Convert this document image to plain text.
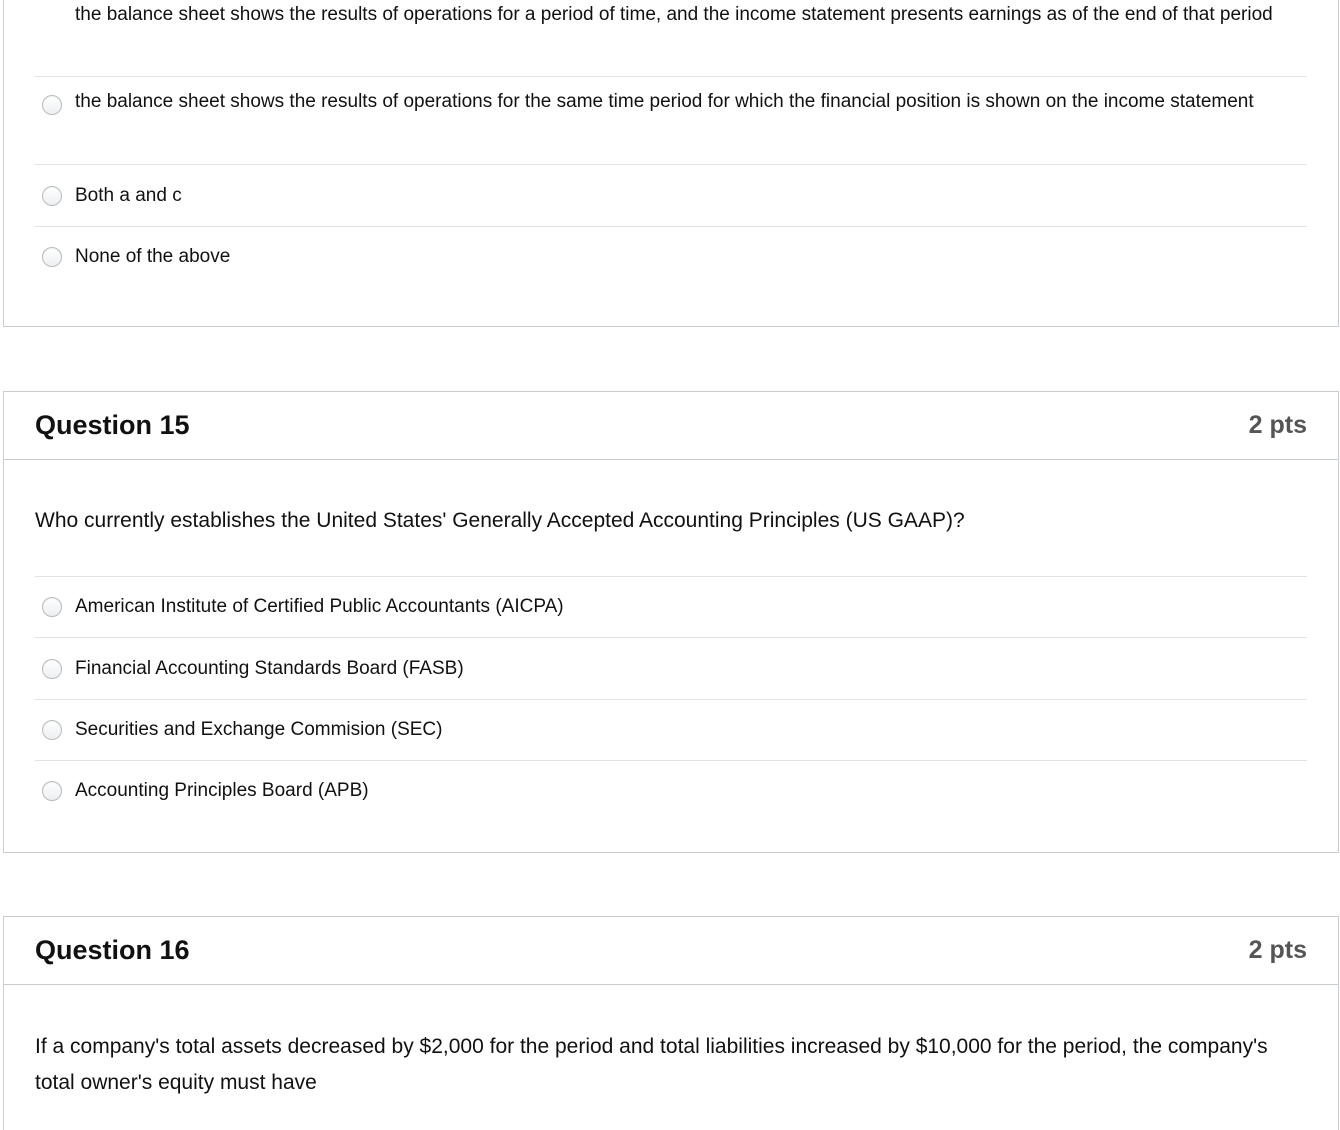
the balance sheet shows the results of operations for a period of time, and the income statement presents earnings as of the end of that period
the balance sheet shows the results of operations for the same time period for which the financial position is shown on the income statement
Both a and c
None of the above
Question 15	2 pts
Who currently establishes the United States' Generally Accepted Accounting Principles (US GAAP)?
American Institute of Certified Public Accountants (AICPA)
Financial Accounting Standards Board (FASB)
Securities and Exchange Commision (SEC)
Accounting Principles Board (APB)
Question 16	2 pts
If a company's total assets decreased by $2,000 for the period and total liabilities increased by $10,000 for the period, the company's total owner's equity must have
